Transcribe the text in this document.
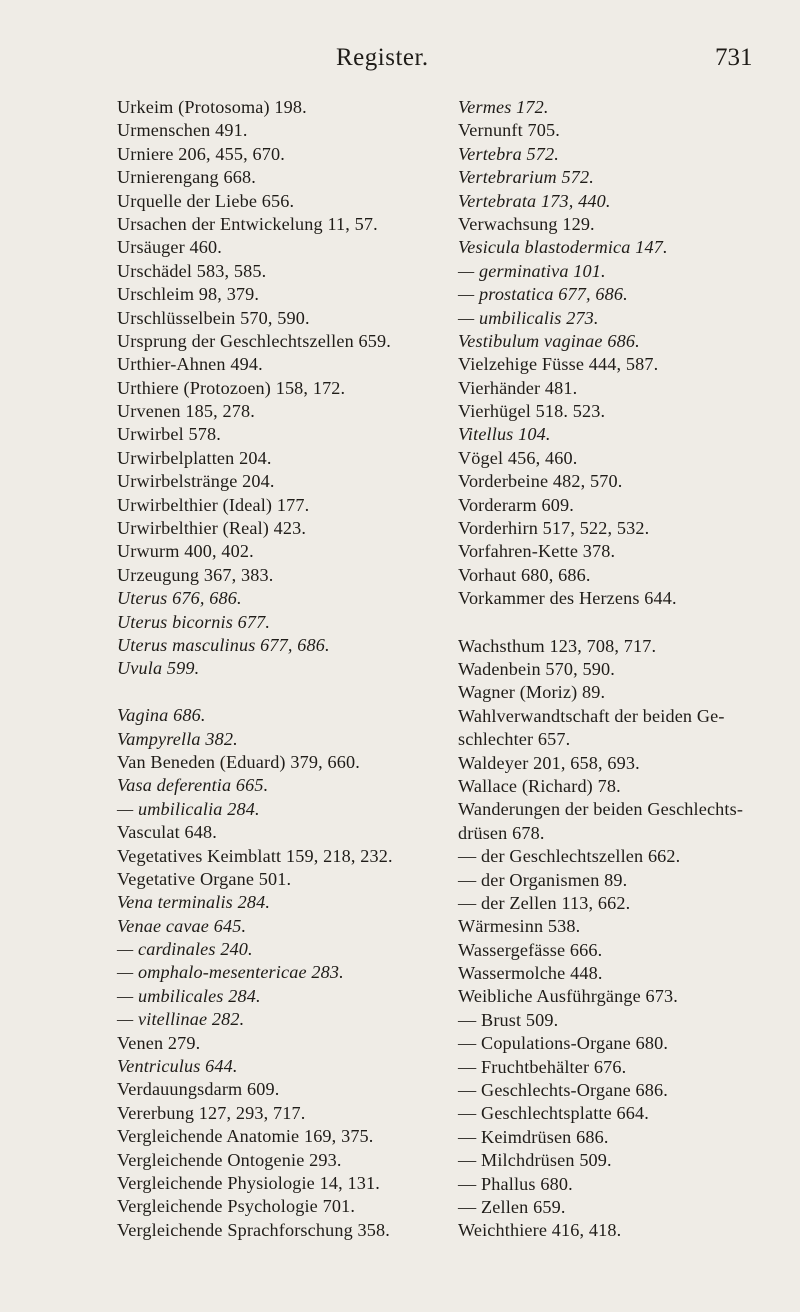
Register.	731
Urkeim (Protosoma) 198.
Urmenschen 491.
Urniere 206, 455, 670.
Urnierengang 668.
Urquelle der Liebe 656.
Ursachen der Entwickelung 11, 57.
Ursäuger 460.
Urschädel 583, 585.
Urschleim 98, 379.
Urschlüsselbein 570, 590.
Ursprung der Geschlechtszellen 659.
Urthier-Ahnen 494.
Urthiere (Protozoen) 158, 172.
Urvenen 185, 278.
Urwirbel 578.
Urwirbelplatten 204.
Urwirbelstränge 204.
Urwirbelthier (Ideal) 177.
Urwirbelthier (Real) 423.
Urwurm 400, 402.
Urzeugung 367, 383.
Uterus 676, 686.
Uterus bicornis 677.
Uterus masculinus 677, 686.
Uvula 599.
Vagina 686.
Vampyrella 382.
Van Beneden (Eduard) 379, 660.
Vasa deferentia 665.
— umbilicalia 284.
Vasculat 648.
Vegetatives Keimblatt 159, 218, 232.
Vegetative Organe 501.
Vena terminalis 284.
Venae cavae 645.
— cardinales 240.
— omphalo-mesentericae 283.
— umbilicales 284.
— vitellinae 282.
Venen 279.
Ventriculus 644.
Verdauungsdarm 609.
Vererbung 127, 293, 717.
Vergleichende Anatomie 169, 375.
Vergleichende Ontogenie 293.
Vergleichende Physiologie 14, 131.
Vergleichende Psychologie 701.
Vergleichende Sprachforschung 358.
Vermes 172.
Vernunft 705.
Vertebra 572.
Vertebrarium 572.
Vertebrata 173, 440.
Verwachsung 129.
Vesicula blastodermica 147.
— germinativa 101.
— prostatica 677, 686.
— umbilicalis 273.
Vestibulum vaginae 686.
Vielzehige Füsse 444, 587.
Vierhänder 481.
Vierhügel 518. 523.
Vitellus 104.
Vögel 456, 460.
Vorderbeine 482, 570.
Vorderarm 609.
Vorderhirn 517, 522, 532.
Vorfahren-Kette 378.
Vorhaut 680, 686.
Vorkammer des Herzens 644.
Wachsthum 123, 708, 717.
Wadenbein 570, 590.
Wagner (Moriz) 89.
Wahlverwandtschaft der beiden Ge-
schlechter 657.
Waldeyer 201, 658, 693.
Wallace (Richard) 78.
Wanderungen der beiden Geschlechts-
drüsen 678.
— der Geschlechtszellen 662.
— der Organismen 89.
— der Zellen 113, 662.
Wärmesinn 538.
Wassergefässe 666.
Wassermolche 448.
Weibliche Ausführgänge 673.
— Brust 509.
— Copulations-Organe 680.
— Fruchtbehälter 676.
— Geschlechts-Organe 686.
— Geschlechtsplatte 664.
— Keimdrüsen 686.
— Milchdrüsen 509.
— Phallus 680.
— Zellen 659.
Weichthiere 416, 418.
